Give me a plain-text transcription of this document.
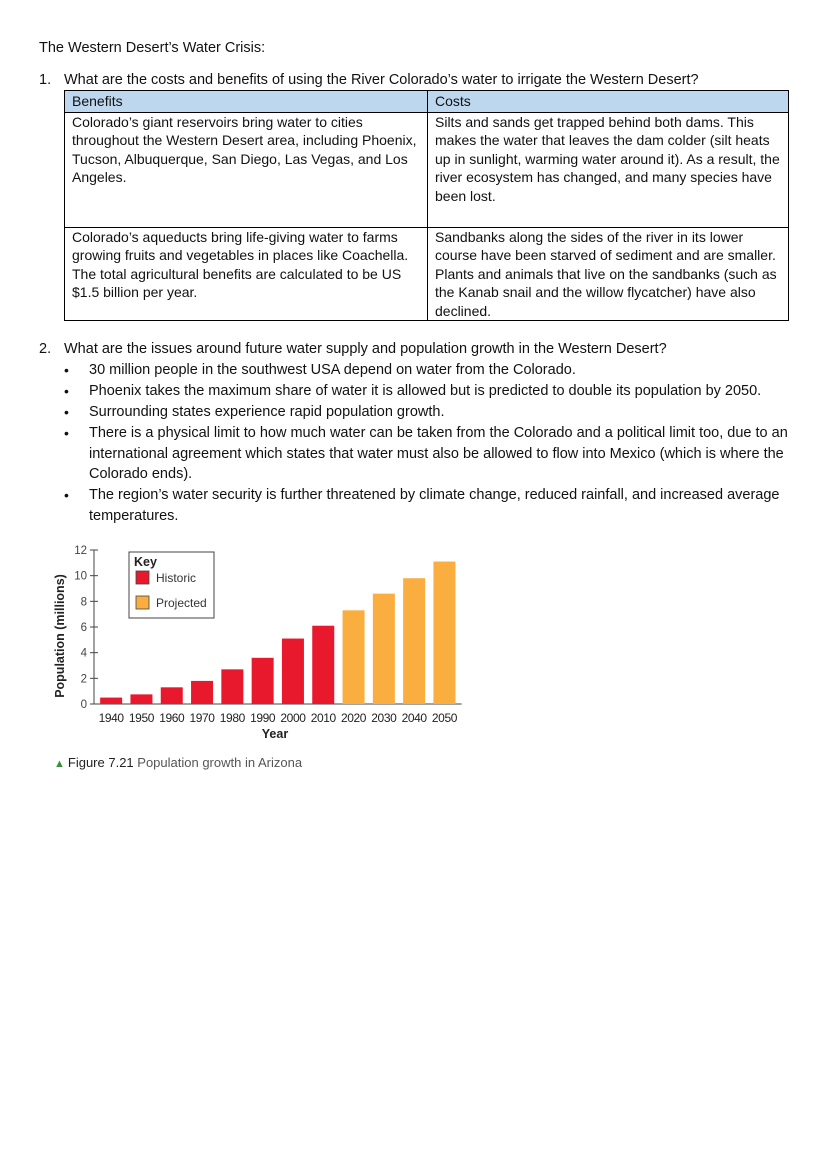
The Western Desert’s Water Crisis:
1. What are the costs and benefits of using the River Colorado’s water to irrigate the Western Desert?
Benefits	Costs
Colorado’s giant reservoirs bring water to cities throughout the Western Desert area, including Phoenix, Tucson, Albuquerque, San Diego, Las Vegas, and Los Angeles.	Silts and sands get trapped behind both dams. This makes the water that leaves the dam colder (silt heats up in sunlight, warming water around it). As a result, the river ecosystem has changed, and many species have been lost.
Colorado’s aqueducts bring life-giving water to farms growing fruits and vegetables in places like Coachella. The total agricultural benefits are calculated to be US $1.5 billion per year.	Sandbanks along the sides of the river in its lower course have been starved of sediment and are smaller. Plants and animals that live on the sandbanks (such as the Kanab snail and the willow flycatcher) have also declined.
2. What are the issues around future water supply and population growth in the Western Desert?
• 30 million people in the southwest USA depend on water from the Colorado.
• Phoenix takes the maximum share of water it is allowed but is predicted to double its population by 2050.
• Surrounding states experience rapid population growth.
• There is a physical limit to how much water can be taken from the Colorado and a political limit too, due to an international agreement which states that water must also be allowed to flow into Mexico (which is where the Colorado ends).
• The region’s water security is further threatened by climate change, reduced rainfall, and increased average temperatures.
0
2
4
6
8
10
12
1940 1950 1960 1970 1980 1990 2000 2010 2020 2030 2040 2050
Year
Population (millions)
Key
Historic
Projected
▲ Figure 7.21 Population growth in Arizona
